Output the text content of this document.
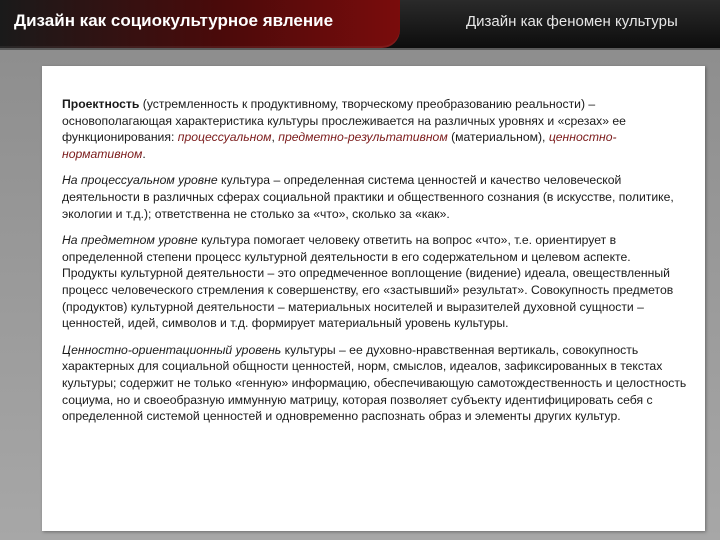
Дизайн как социокультурное явление	Дизайн как феномен культуры

Проектность (устремленность к продуктивному, творческому преобразованию реальности) – основополагающая характеристика культуры прослеживается на различных уровнях и «срезах» ее функционирования: процессуальном, предметно-результативном (материальном), ценностно-нормативном.

На процессуальном уровне культура – определенная система ценностей и качество человеческой деятельности в различных сферах социальной практики и общественного сознания (в искусстве, политике, экологии и т.д.); ответственна не столько за «что», сколько за «как».

На предметном уровне культура помогает человеку ответить на вопрос «что», т.е. ориентирует в определенной степени процесс культурной деятельности в его содержательном и целевом аспекте. Продукты культурной деятельности – это опредмеченное воплощение (видение) идеала, овеществленный процесс человеческого стремления к совершенству, его «застывший» результат». Совокупность предметов (продуктов) культурной деятельности – материальных носителей и выразителей духовной сущности – ценностей, идей, символов и т.д. формирует материальный уровень культуры.

Ценностно-ориентационный уровень культуры – ее духовно-нравственная вертикаль, совокупность характерных для социальной общности ценностей, норм, смыслов, идеалов, зафиксированных в текстах культуры; содержит не только «генную» информацию, обеспечивающую самотождественность и целостность социума, но и своеобразную иммунную матрицу, которая позволяет субъекту идентифицировать себя с определенной системой ценностей и одновременно распознать образ и элементы других культур.
